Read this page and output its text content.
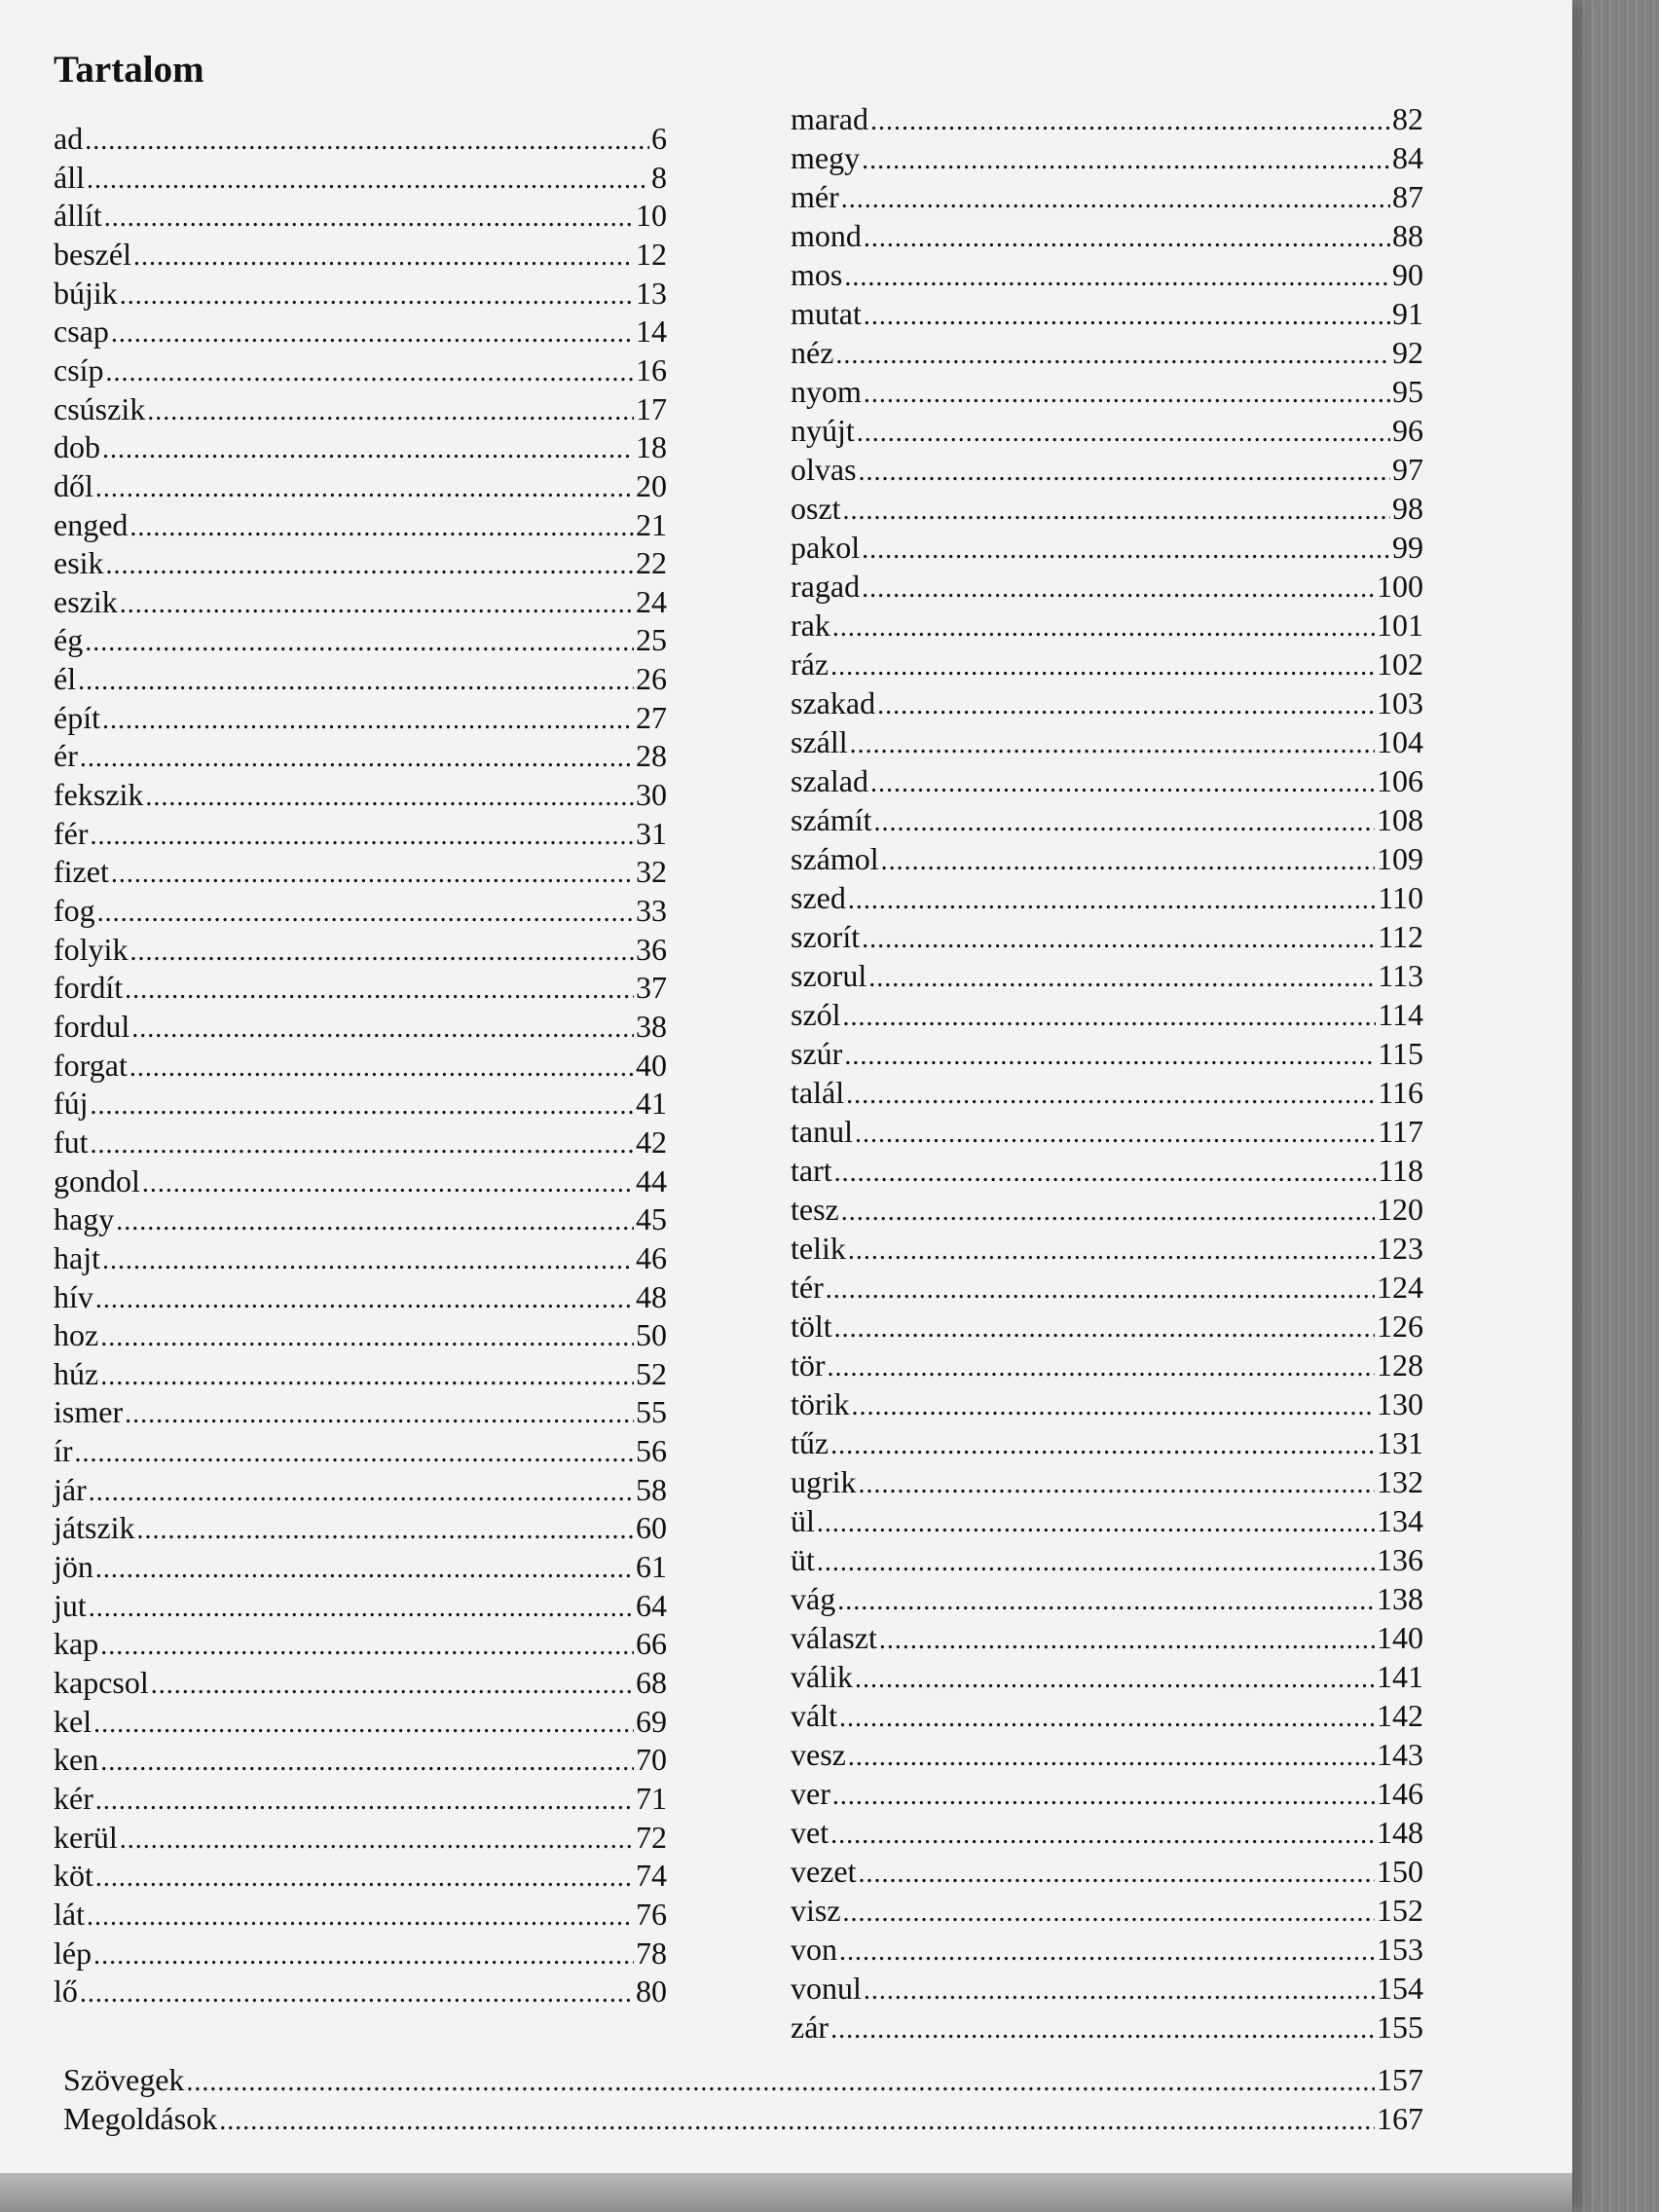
Tartalom
ad .....	6
áll .....	8
állít .....	10
beszél .....	12
bújik .....	13
csap .....	14
csíp .....	16
csúszik .....	17
dob .....	18
dől .....	20
enged .....	21
esik .....	22
eszik .....	24
ég .....	25
él .....	26
épít .....	27
ér .....	28
fekszik .....	30
fér .....	31
fizet .....	32
fog .....	33
folyik .....	36
fordít .....	37
fordul .....	38
forgat .....	40
fúj .....	41
fut .....	42
gondol .....	44
hagy .....	45
hajt .....	46
hív .....	48
hoz .....	50
húz .....	52
ismer .....	55
ír .....	56
jár .....	58
játszik .....	60
jön .....	61
jut .....	64
kap .....	66
kapcsol .....	68
kel .....	69
ken .....	70
kér .....	71
kerül .....	72
köt .....	74
lát .....	76
lép .....	78
lő .....	80
marad .....	82
megy .....	84
mér .....	87
mond .....	88
mos .....	90
mutat .....	91
néz .....	92
nyom .....	95
nyújt .....	96
olvas .....	97
oszt .....	98
pakol .....	99
ragad .....	100
rak .....	101
ráz .....	102
szakad .....	103
száll .....	104
szalad .....	106
számít .....	108
számol .....	109
szed .....	110
szorít .....	112
szorul .....	113
szól .....	114
szúr .....	115
talál .....	116
tanul .....	117
tart .....	118
tesz .....	120
telik .....	123
tér .....	124
tölt .....	126
tör .....	128
törik .....	130
tűz .....	131
ugrik .....	132
ül .....	134
üt .....	136
vág .....	138
választ .....	140
válik .....	141
vált .....	142
vesz .....	143
ver .....	146
vet .....	148
vezet .....	150
visz .....	152
von .....	153
vonul .....	154
zár .....	155
Szövegek .....	157
Megoldások .....	167
